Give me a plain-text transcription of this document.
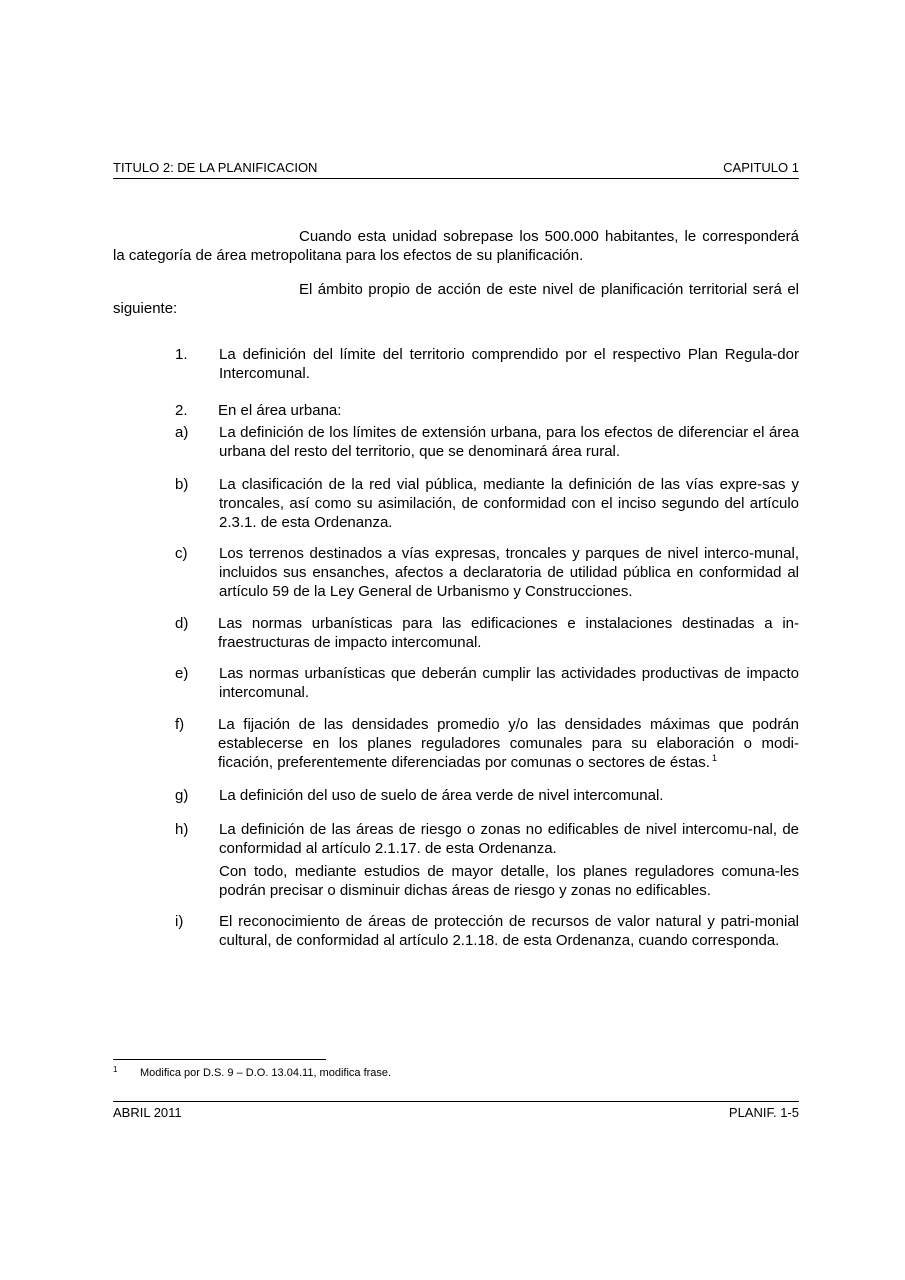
TITULO 2: DE LA PLANIFICACION	CAPITULO 1
Cuando esta unidad sobrepase los 500.000 habitantes, le corresponderá la categoría de área metropolitana para los efectos de su planificación.
El ámbito propio de acción de este nivel de planificación territorial será el siguiente:
1.	La definición del límite del territorio comprendido por el respectivo Plan Regula-dor Intercomunal.

2.	En el área urbana:

a)	La definición de los límites de extensión urbana, para los efectos de diferenciar el área urbana del resto del territorio, que se denominará área rural.

b)	La clasificación de la red vial pública, mediante la definición de las vías expre-sas y troncales, así como su asimilación, de conformidad con el inciso segundo del artículo 2.3.1. de esta Ordenanza.

c)	Los terrenos destinados a vías expresas, troncales y parques de nivel interco-munal, incluidos sus ensanches, afectos a declaratoria de utilidad pública en conformidad al artículo 59 de la Ley General de Urbanismo y Construcciones.

d)	Las normas urbanísticas para las edificaciones e instalaciones destinadas a in-fraestructuras de impacto intercomunal.

e)	Las normas urbanísticas que deberán cumplir las actividades productivas de impacto intercomunal.

f)	La fijación de las densidades promedio y/o las densidades máximas que podrán establecerse en los planes reguladores comunales para su elaboración o modi-ficación, preferentemente diferenciadas por comunas o sectores de éstas. $^1$

g)	La definición del uso de suelo de área verde de nivel intercomunal.

h)	La definición de las áreas de riesgo o zonas no edificables de nivel intercomu-nal, de conformidad al artículo 2.1.17. de esta Ordenanza.

Con todo, mediante estudios de mayor detalle, los planes reguladores comuna-les podrán precisar o disminuir dichas áreas de riesgo y zonas no edificables.

i)	El reconocimiento de áreas de protección de recursos de valor natural y patri-monial cultural, de conformidad al artículo 2.1.18. de esta Ordenanza, cuando corresponda.

1 Modifica por D.S. 9 – D.O. 13.04.11, modifica frase.
ABRIL 2011	PLANIF. 1-5
